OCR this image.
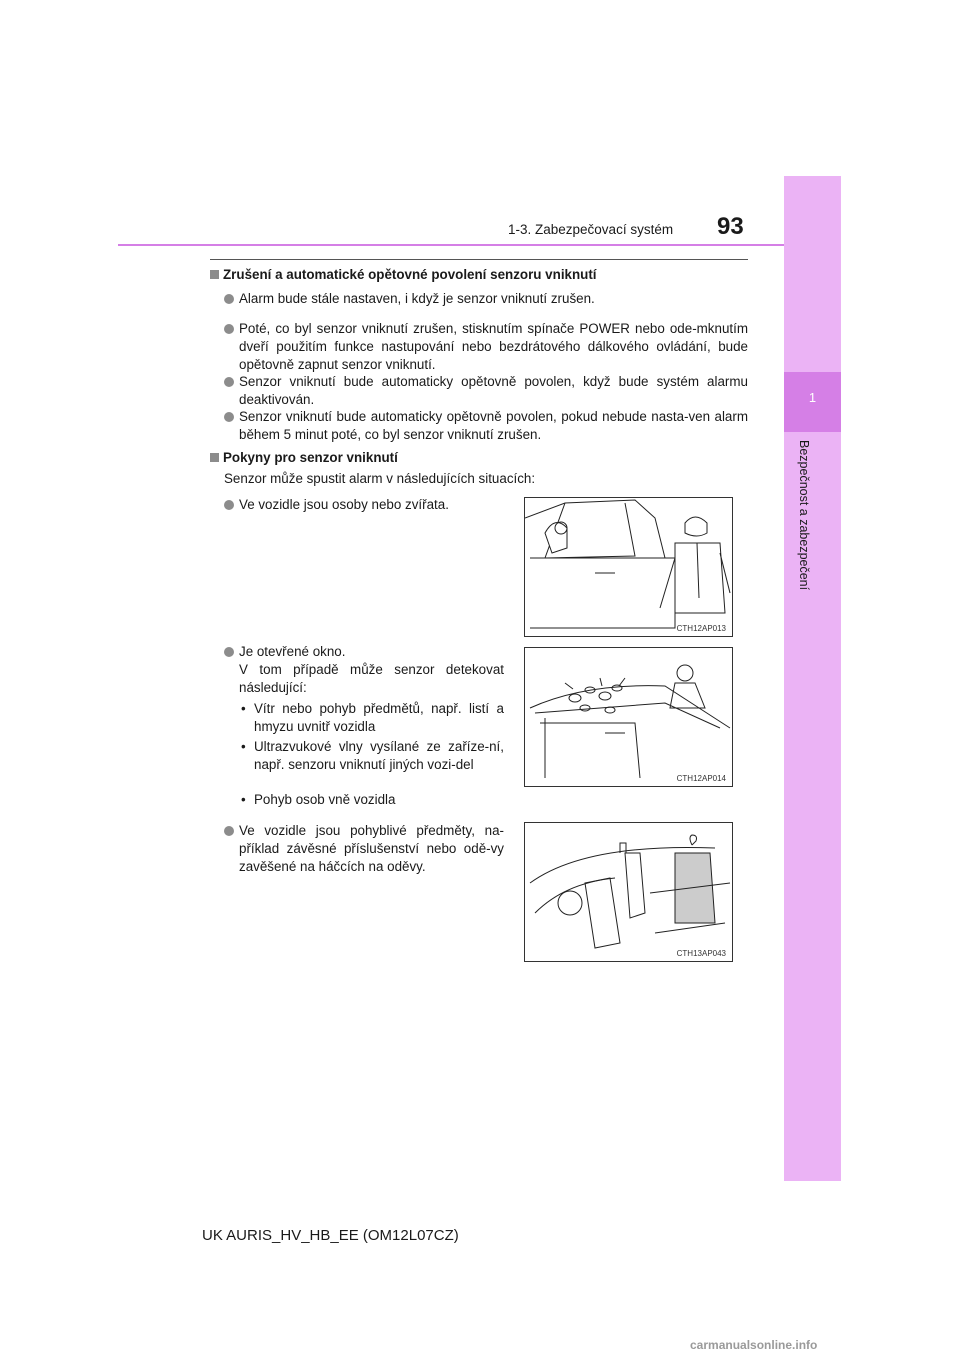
1
Bezpečnost a zabezpečení
1-3. Zabezpečovací systém 93
Zrušení a automatické opětovné povolení senzoru vniknutí
Alarm bude stále nastaven, i když je senzor vniknutí zrušen.
Poté, co byl senzor vniknutí zrušen, stisknutím spínače POWER nebo ode-mknutím dveří použitím funkce nastupování nebo bezdrátového dálkového ovládání, bude opětovně zapnut senzor vniknutí.
Senzor vniknutí bude automaticky opětovně povolen, když bude systém alarmu deaktivován.
Senzor vniknutí bude automaticky opětovně povolen, pokud nebude nasta-ven alarm během 5 minut poté, co byl senzor vniknutí zrušen.
Pokyny pro senzor vniknutí
Senzor může spustit alarm v následujících situacích:
Ve vozidle jsou osoby nebo zvířata.
Je otevřené okno.
V tom případě může senzor detekovat následující:
• Vítr nebo pohyb předmětů, např. listí a hmyzu uvnitř vozidla
• Ultrazvukové vlny vysílané ze zaříze-ní, např. senzoru vniknutí jiných vozi-del
• Pohyb osob vně vozidla
Ve vozidle jsou pohyblivé předměty, na-příklad závěsné příslušenství nebo odě-vy zavěšené na háčcích na oděvy.
CTH12AP013
CTH12AP014
CTH13AP043
UK AURIS_HV_HB_EE (OM12L07CZ)
carmanualsonline.info
